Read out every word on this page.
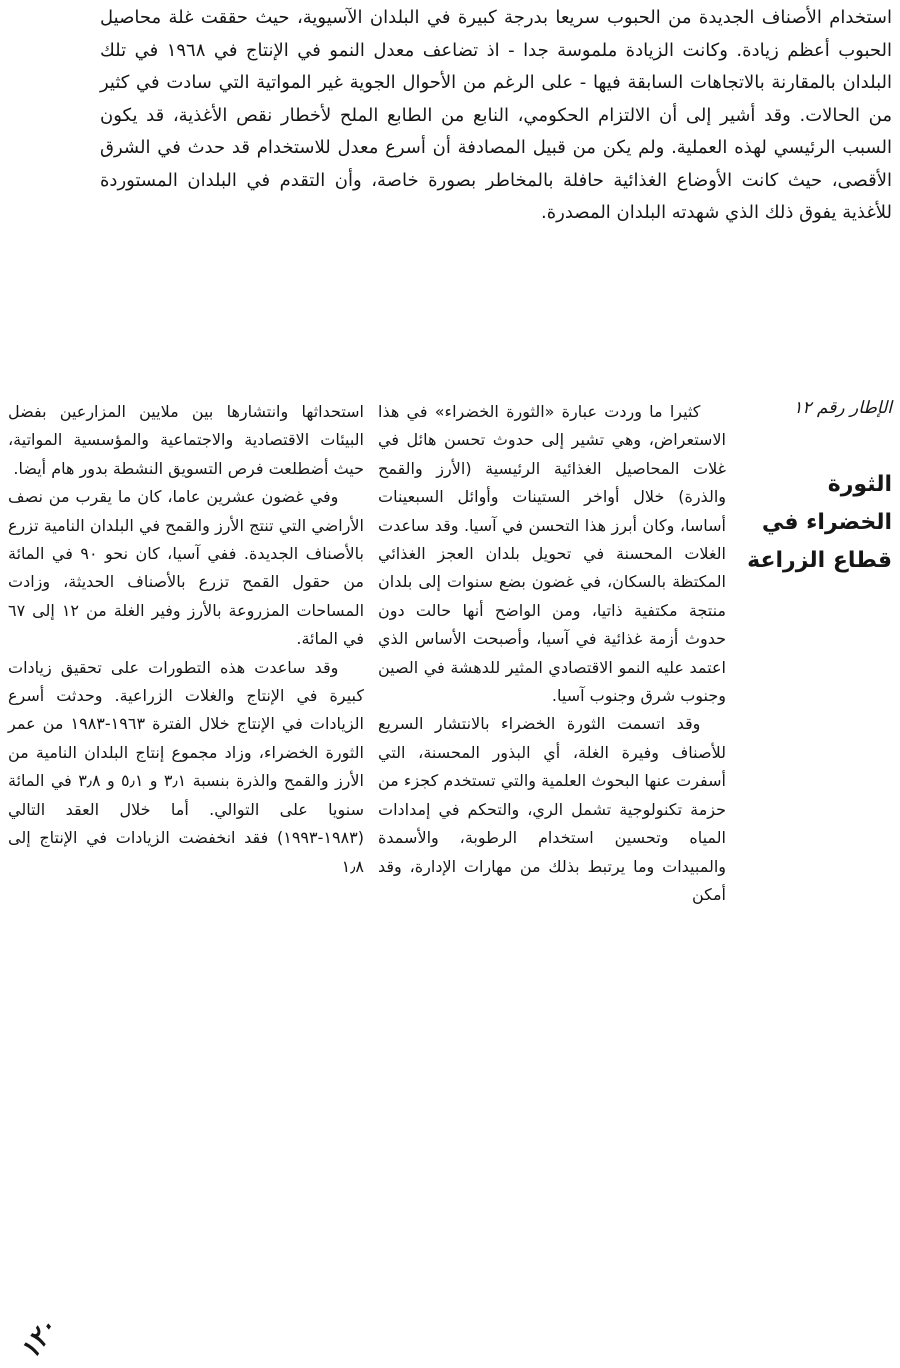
استخدام الأصناف الجديدة من الحبوب سريعا بدرجة كبيرة في البلدان الآسيوية، حيث حققت غلة محاصيل الحبوب أعظم زيادة. وكانت الزيادة ملموسة جدا - اذ تضاعف معدل النمو في الإنتاج في ١٩٦٨ في تلك البلدان بالمقارنة بالاتجاهات السابقة فيها - على الرغم من الأحوال الجوية غير المواتية التي سادت في كثير من الحالات. وقد أشير إلى أن الالتزام الحكومي، النابع من الطابع الملح لأخطار نقص الأغذية، قد يكون السبب الرئيسي لهذه العملية. ولم يكن من قبيل المصادفة أن أسرع معدل للاستخدام قد حدث في الشرق الأقصى، حيث كانت الأوضاع الغذائية حافلة بالمخاطر بصورة خاصة، وأن التقدم في البلدان المستوردة للأغذية يفوق ذلك الذي شهدته البلدان المصدرة.

الإطار رقم ١٢

الثورة الخضراء في قطاع الزراعة

كثيرا ما وردت عبارة «الثورة الخضراء» في هذا الاستعراض، وهي تشير إلى حدوث تحسن هائل في غلات المحاصيل الغذائية الرئيسية (الأرز والقمح والذرة) خلال أواخر الستينات وأوائل السبعينات أساسا، وكان أبرز هذا التحسن في آسيا. وقد ساعدت الغلات المحسنة في تحويل بلدان العجز الغذائي المكتظة بالسكان، في غضون بضع سنوات إلى بلدان منتجة مكتفية ذاتيا، ومن الواضح أنها حالت دون حدوث أزمة غذائية في آسيا، وأصبحت الأساس الذي اعتمد عليه النمو الاقتصادي المثير للدهشة في الصين وجنوب شرق وجنوب آسيا.

وقد اتسمت الثورة الخضراء بالانتشار السريع للأصناف وفيرة الغلة، أي البذور المحسنة، التي أسفرت عنها البحوث العلمية والتي تستخدم كجزء من حزمة تكنولوجية تشمل الري، والتحكم في إمدادات المياه وتحسين استخدام الرطوبة، والأسمدة والمبيدات وما يرتبط بذلك من مهارات الإدارة، وقد أمكن

استحداثها وانتشارها بين ملايين المزارعين بفضل البيئات الاقتصادية والاجتماعية والمؤسسية المواتية، حيث أضطلعت فرص التسويق النشطة بدور هام أيضا.

وفي غضون عشرين عاما، كان ما يقرب من نصف الأراضي التي تنتج الأرز والقمح في البلدان النامية تزرع بالأصناف الجديدة. ففي آسيا، كان نحو ٩٠ في المائة من حقول القمح تزرع بالأصناف الحديثة، وزادت المساحات المزروعة بالأرز وفير الغلة من ١٢ إلى ٦٧ في المائة.

وقد ساعدت هذه التطورات على تحقيق زيادات كبيرة في الإنتاج والغلات الزراعية. وحدثت أسرع الزيادات في الإنتاج خلال الفترة ١٩٦٣-١٩٨٣ من عمر الثورة الخضراء، وزاد مجموع إنتاج البلدان النامية من الأرز والقمح والذرة بنسبة ٣٫١ و ٥٫١ و ٣٫٨ في المائة سنويا على التوالي. أما خلال العقد التالي (١٩٨٣-١٩٩٣) فقد انخفضت الزيادات في الإنتاج إلى ١٫٨

١٢٠
